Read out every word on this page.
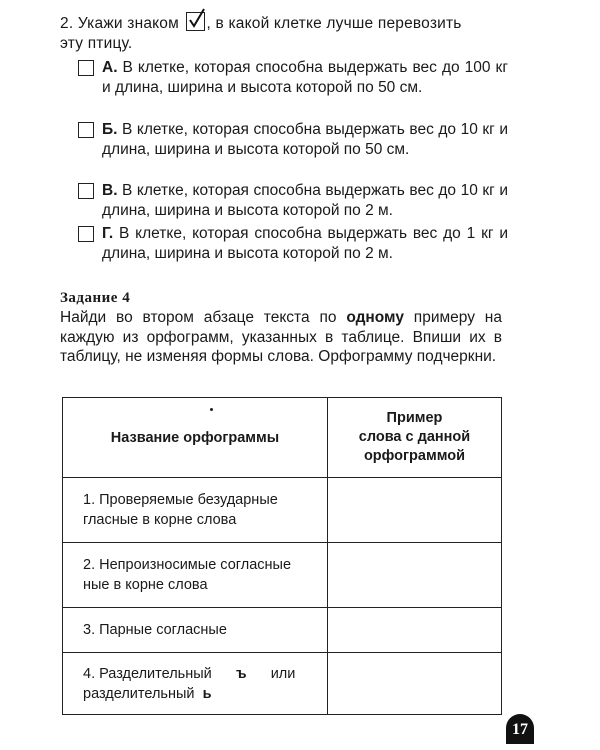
2. Укажи знаком , в какой клетке лучше перевозить
эту птицу.
А. В клетке, которая способна выдержать вес до 100 кг и длина, ширина и высота которой по 50 см.
Б. В клетке, которая способна выдержать вес до 10 кг и длина, ширина и высота которой по 50 см.
В. В клетке, которая способна выдержать вес до 10 кг и длина, ширина и высота которой по 2 м.
Г. В клетке, которая способна выдержать вес до 1 кг и длина, ширина и высота которой по 2 м.
Задание 4
Найди во втором абзаце текста по одному примеру на каждую из орфограмм, указанных в таблице. Впиши их в таблицу, не изменяя формы слова. Орфограмму подчеркни.
Название орфограммы	Пример
слова с данной
орфограммой

1. Проверяемые безударные
гласные в корне слова	

2. Непроизносимые согласные
ные в корне слова	

3. Парные согласные	

4. Разделительный ъ или
разделительный ь	

17
